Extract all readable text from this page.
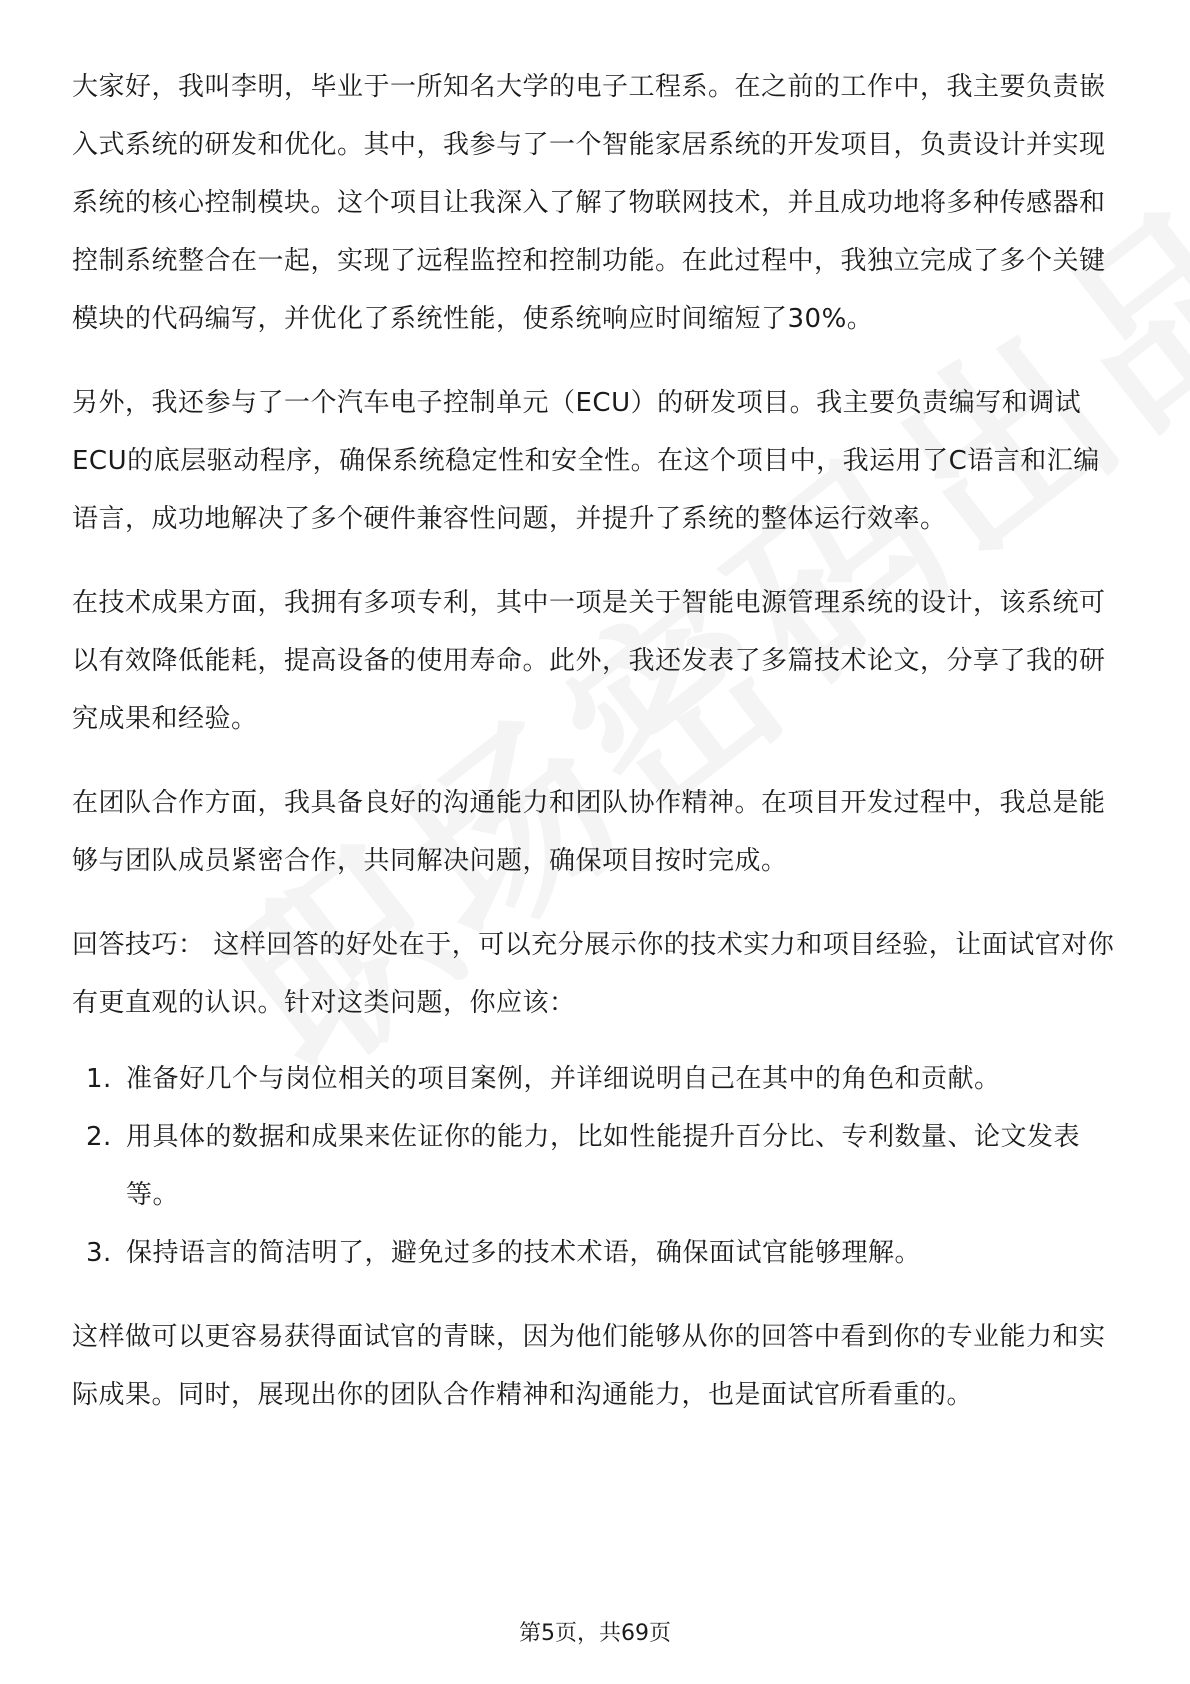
大家好，我叫李明，毕业于一所知名大学的电子工程系。在之前的工作中，我主要负责嵌入式系统的研发和优化。其中，我参与了一个智能家居系统的开发项目，负责设计并实现系统的核心控制模块。这个项目让我深入了解了物联网技术，并且成功地将多种传感器和控制系统整合在一起，实现了远程监控和控制功能。在此过程中，我独立完成了多个关键模块的代码编写，并优化了系统性能，使系统响应时间缩短了30%。

另外，我还参与了一个汽车电子控制单元（ECU）的研发项目。我主要负责编写和调试ECU的底层驱动程序，确保系统稳定性和安全性。在这个项目中，我运用了C语言和汇编语言，成功地解决了多个硬件兼容性问题，并提升了系统的整体运行效率。

在技术成果方面，我拥有多项专利，其中一项是关于智能电源管理系统的设计，该系统可以有效降低能耗，提高设备的使用寿命。此外，我还发表了多篇技术论文，分享了我的研究成果和经验。

在团队合作方面，我具备良好的沟通能力和团队协作精神。在项目开发过程中，我总是能够与团队成员紧密合作，共同解决问题，确保项目按时完成。

回答技巧： 这样回答的好处在于，可以充分展示你的技术实力和项目经验，让面试官对你有更直观的认识。针对这类问题，你应该：

1. 准备好几个与岗位相关的项目案例，并详细说明自己在其中的角色和贡献。
2. 用具体的数据和成果来佐证你的能力，比如性能提升百分比、专利数量、论文发表等。
3. 保持语言的简洁明了，避免过多的技术术语，确保面试官能够理解。

这样做可以更容易获得面试官的青睐，因为他们能够从你的回答中看到你的专业能力和实际成果。同时，展现出你的团队合作精神和沟通能力，也是面试官所看重的。

第5页，共69页
